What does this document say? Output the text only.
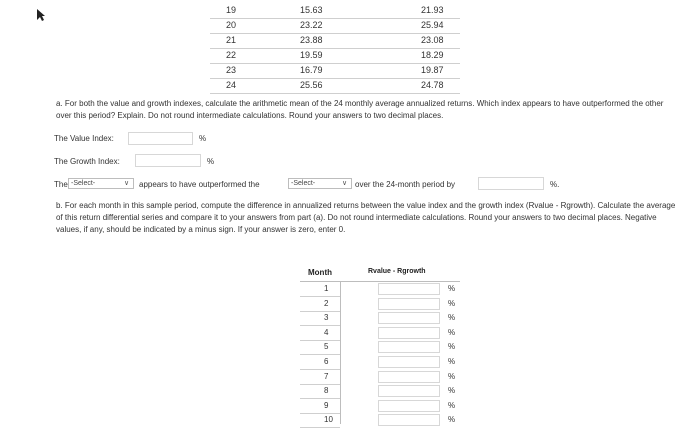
19	15.63	21.93
20	23.22	25.94
21	23.88	23.08
22	19.59	18.29
23	16.79	19.87
24	25.56	24.78
a. For both the value and growth indexes, calculate the arithmetic mean of the 24 monthly average annualized returns. Which index appears to have outperformed the other over this period? Explain. Do not round intermediate calculations. Round your answers to two decimal places.
The Value Index:	%
The Growth Index:	%
The -Select-	∨	appears to have outperformed the	-Select-	∨ over the 24-month period by	%.
b. For each month in this sample period, compute the difference in annualized returns between the value index and the growth index (Rvalue - Rgrowth). Calculate the average of this return differential series and compare it to your answers from part (a). Do not round intermediate calculations. Round your answers to two decimal places. Negative values, if any, should be indicated by a minus sign. If your answer is zero, enter 0.
Month	Rvalue - Rgrowth
1	%
2	%
3	%
4	%
5	%
6	%
7	%
8	%
9	%
10	%
